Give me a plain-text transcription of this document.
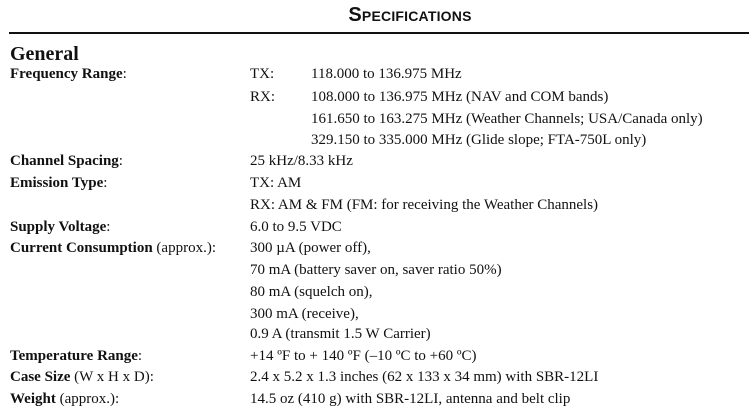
Specifications
General
Frequency Range:	TX: 118.000 to 136.975 MHz
RX: 108.000 to 136.975 MHz (NAV and COM bands)
161.650 to 163.275 MHz (Weather Channels; USA/Canada only)
329.150 to 335.000 MHz (Glide slope; FTA-750L only)
Channel Spacing:	25 kHz/8.33 kHz
Emission Type:	TX: AM
RX: AM & FM (FM: for receiving the Weather Channels)
Supply Voltage:	6.0 to 9.5 VDC
Current Consumption (approx.): 300 µA (power off),
70 mA (battery saver on, saver ratio 50%)
80 mA (squelch on),
300 mA (receive),
0.9 A (transmit 1.5 W Carrier)
Temperature Range:	+14 ºF to + 140 ºF (–10 ºC to +60 ºC)
Case Size (W x H x D):	2.4 x 5.2 x 1.3 inches (62 x 133 x 34 mm) with SBR-12LI
Weight (approx.):	14.5 oz (410 g) with SBR-12LI, antenna and belt clip
